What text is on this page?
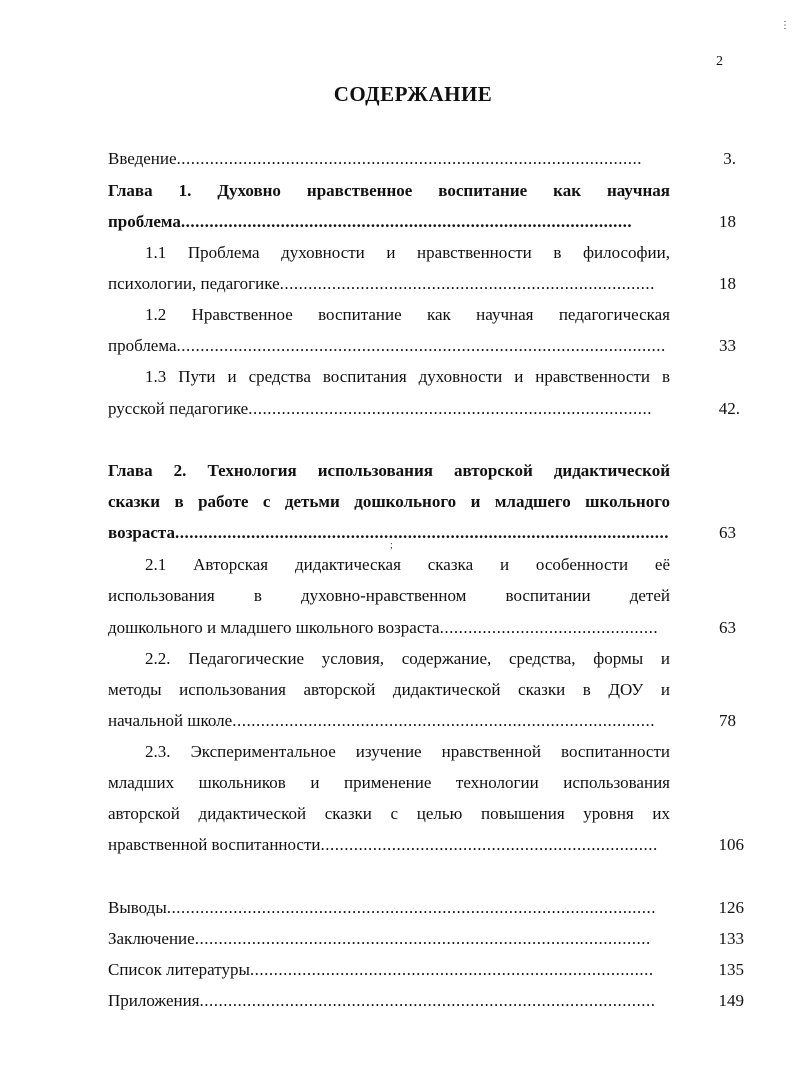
2
СОДЕРЖАНИЕ
Введение..................................................................................................	3.
Глава 1. Духовно нравственное воспитание как научная
проблема...............................................................................................	18
1.1 Проблема духовности и нравственности в философии,
психологии, педагогике...............................................................................	18
1.2 Нравственное воспитание как научная педагогическая
проблема.......................................................................................................	33
1.3 Пути и средства воспитания духовности и нравственности в
русской педагогике.....................................................................................	42.
Глава 2. Технология использования авторской дидактической
сказки в работе с детьми дошкольного и младшего школьного
возраста........................................................................................................	63
2.1 Авторская дидактическая сказка и особенности её
использования в духовно-нравственном воспитании детей
дошкольного и младшего школьного возраста..............................................	63
2.2. Педагогические условия, содержание, средства, формы и
методы использования авторской дидактической сказки в ДОУ и
начальной школе.........................................................................................	78
2.3. Экспериментальное изучение нравственной воспитанности
младших школьников и применение технологии использования
авторской дидактической сказки с целью повышения уровня их
нравственной воспитанности.......................................................................	106
Выводы.......................................................................................................	126
Заключение................................................................................................	133
Список литературы.....................................................................................	135
Приложения................................................................................................	149
⋮
;
